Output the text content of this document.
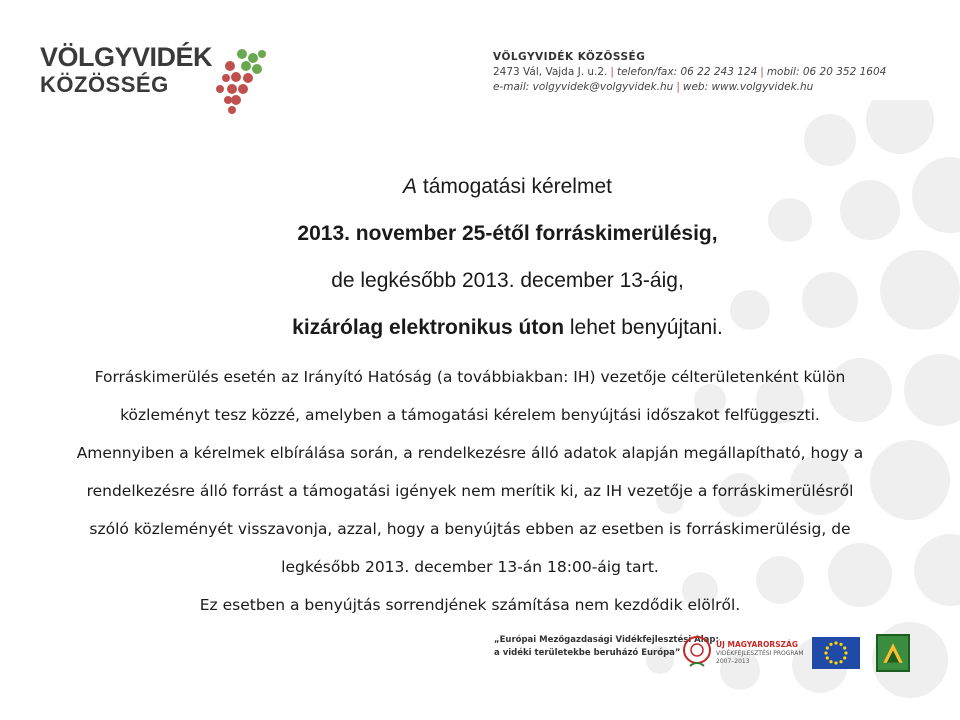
VÖLGYVIDÉK
KÖZÖSSÉG
VÖLGYVIDÉK KÖZÖSSÉG
2473 Vál, Vajda J. u.2. | telefon/fax: 06 22 243 124 | mobil: 06 20 352 1604
e-mail: volgyvidek@volgyvidek.hu | web: www.volgyvidek.hu
A támogatási kérelmet
2013. november 25-étől forráskimerülésig,
de legkésőbb 2013. december 13-áig,
kizárólag elektronikus úton lehet benyújtani.
Forráskimerülés esetén az Irányító Hatóság (a továbbiakban: IH) vezetője célterületenként külön
közleményt tesz közzé, amelyben a támogatási kérelem benyújtási időszakot felfüggeszti.
Amennyiben a kérelmek elbírálása során, a rendelkezésre álló adatok alapján megállapítható, hogy a
rendelkezésre álló forrást a támogatási igények nem merítik ki, az IH vezetője a forráskimerülésről
szóló közleményét visszavonja, azzal, hogy a benyújtás ebben az esetben is forráskimerülésig, de
legkésőbb 2013. december 13-án 18:00-áig tart.
Ez esetben a benyújtás sorrendjének számítása nem kezdődik elölről.
„Európai Mezőgazdasági Vidékfejlesztési Alap:
a vidéki területekbe beruházó Európa”
ÚJ MAGYARORSZÁG
VIDÉKFEJLESZTÉSI PROGRAM
2007–2013
